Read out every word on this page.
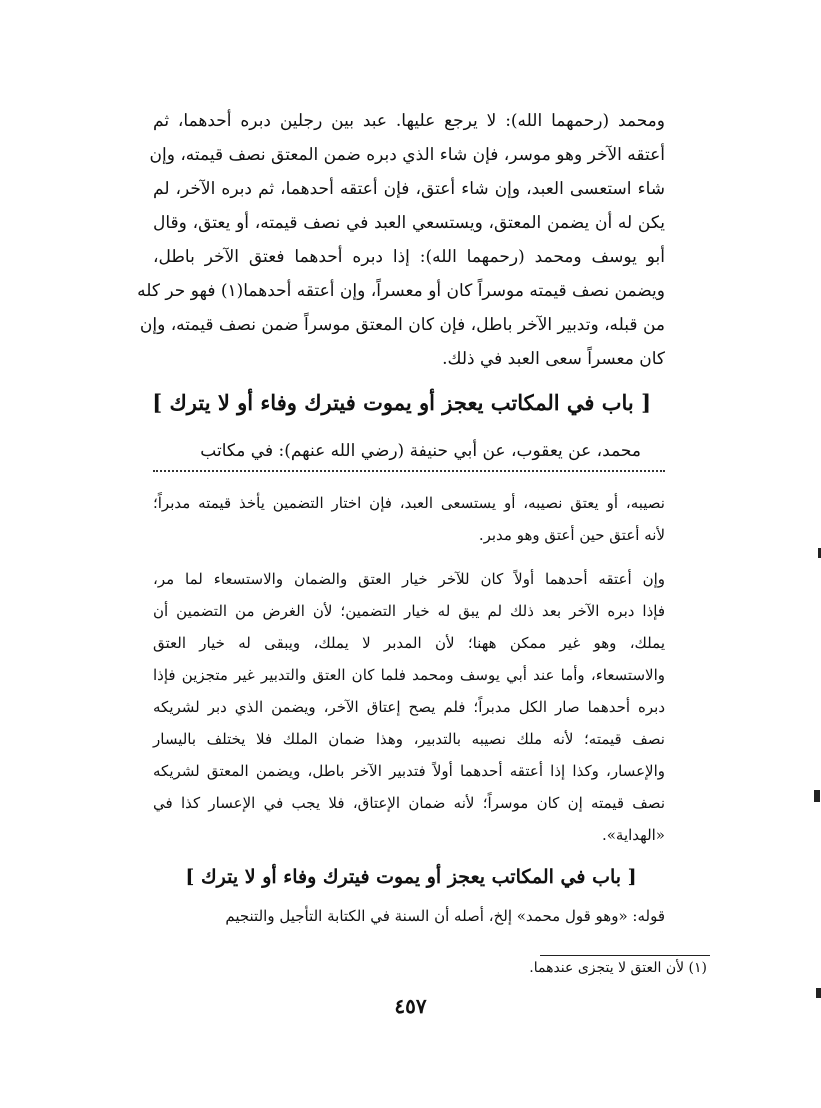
ومحمد (رحمهما الله): لا يرجع عليها. عبد بين رجلين دبره أحدهما، ثم
أعتقه الآخر وهو موسر، فإن شاء الذي دبره ضمن المعتق نصف قيمته، وإن
شاء استعسى العبد، وإن شاء أعتق، فإن أعتقه أحدهما، ثم دبره الآخر، لم
يكن له أن يضمن المعتق، ويستسعي العبد في نصف قيمته، أو يعتق، وقال
أبو يوسف ومحمد (رحمهما الله): إذا دبره أحدهما فعتق الآخر باطل،
ويضمن نصف قيمته موسراً كان أو معسراً، وإن أعتقه أحدهما(١) فهو حر كله
من قبله، وتدبير الآخر باطل، فإن كان المعتق موسراً ضمن نصف قيمته، وإن
كان معسراً سعى العبد في ذلك.
[ باب في المكاتب يعجز أو يموت فيترك وفاء أو لا يترك ]
محمد، عن يعقوب، عن أبي حنيفة (رضي الله عنهم): في مكاتب
نصيبه، أو يعتق نصيبه، أو يستسعى العبد، فإن اختار التضمين يأخذ قيمته مدبراً؛
لأنه أعتق حين أعتق وهو مدبر.
وإن أعتقه أحدهما أولاً كان للآخر خيار العتق والضمان والاستسعاء لما مر،
فإذا دبره الآخر بعد ذلك لم يبق له خيار التضمين؛ لأن الغرض من التضمين أن
يملك، وهو غير ممكن ههنا؛ لأن المدبر لا يملك، ويبقى له خيار العتق
والاستسعاء، وأما عند أبي يوسف ومحمد فلما كان العتق والتدبير غير متجزين فإذا
دبره أحدهما صار الكل مدبراً؛ فلم يصح إعتاق الآخر، ويضمن الذي دبر لشريكه
نصف قيمته؛ لأنه ملك نصيبه بالتدبير، وهذا ضمان الملك فلا يختلف باليسار
والإعسار، وكذا إذا أعتقه أحدهما أولاً فتدبير الآخر باطل، ويضمن المعتق لشريكه
نصف قيمته إن كان موسراً؛ لأنه ضمان الإعتاق، فلا يجب في الإعسار كذا في
«الهداية».
[ باب في المكاتب يعجز أو يموت فيترك وفاء أو لا يترك ]
قوله: «وهو قول محمد» إلخ، أصله أن السنة في الكتابة التأجيل والتنجيم
(١) لأن العتق لا يتجزى عندهما.
٤٥٧
